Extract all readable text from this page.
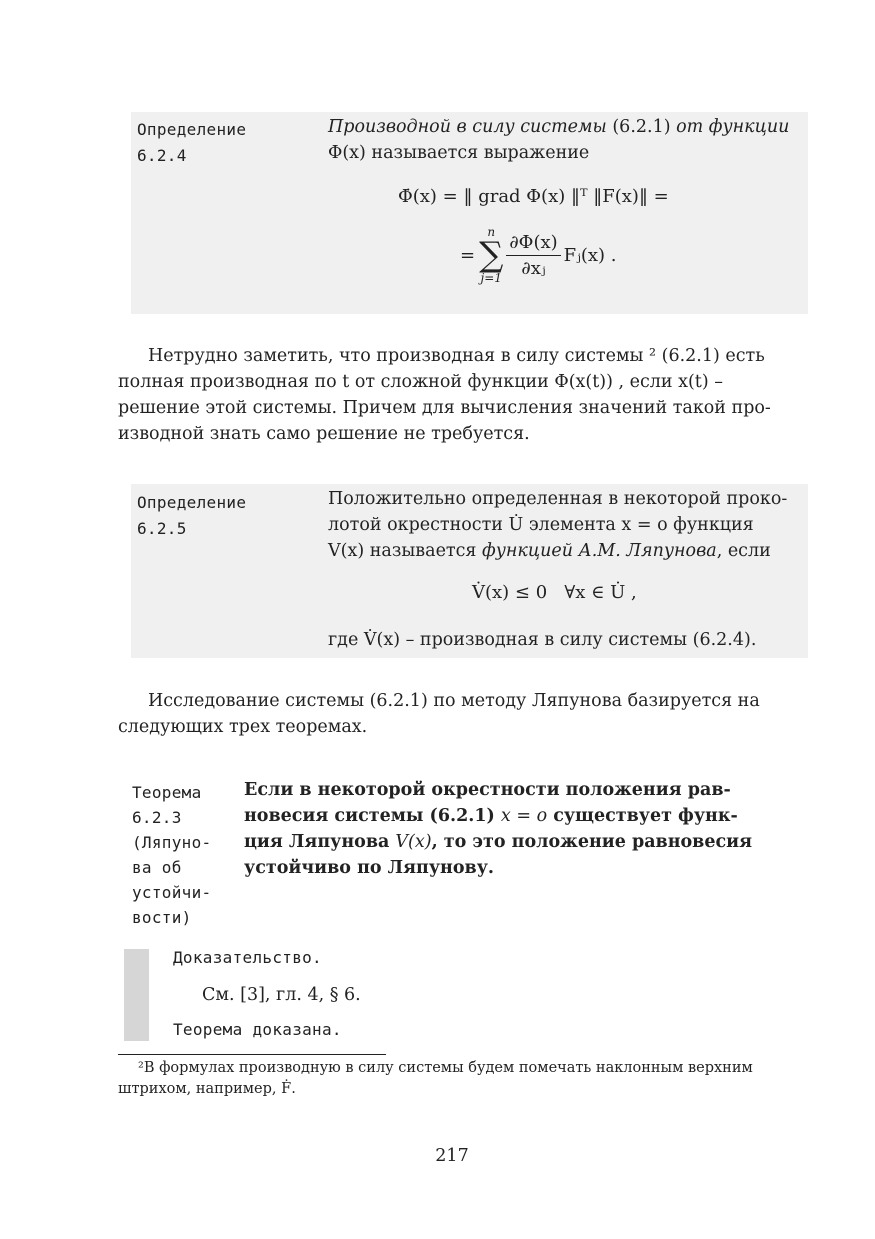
Определение
6.2.4
Производной в силу системы (6.2.1) от функции
Φ(x) называется выражение
Φ̇(x) = ‖ grad Φ(x) ‖ᵀ ‖F(x)‖ =
=
n
∑
$j=1 \frac{\partial\Phi(x)}{\text{∂xⱼ}}$ Fⱼ(x) .
Нетрудно заметить, что производная в силу системы ² (6.2.1) есть
полная производная по t от сложной функции Φ(x(t)) , если x(t) –
решение этой системы. Причем для вычисления значений такой про-
изводной знать само решение не требуется.
Определение
6.2.5
Положительно определенная в некоторой проко-
лотой окрестности U̇ элемента x = o функция
V(x) называется функцией А.М. Ляпунова, если
V̇(x) ≤ 0   ∀x ∈ U̇ ,
где V̇(x) – производная в силу системы (6.2.4).
Исследование системы (6.2.1) по методу Ляпунова базируется на
следующих трех теоремах.
Теорема
6.2.3
(Ляпуно-
ва об
устойчи-
вости)
Если в некоторой окрестности положения рав-
новесия системы (6.2.1) x = o существует функ-
ция Ляпунова V(x), то это положение равновесия
устойчиво по Ляпунову.
Доказательство.
См. [3], гл. 4, § 6.
Теорема доказана.
²В формулах производную в силу системы будем помечать наклонным верхним
штрихом, например, Ḟ.
217
